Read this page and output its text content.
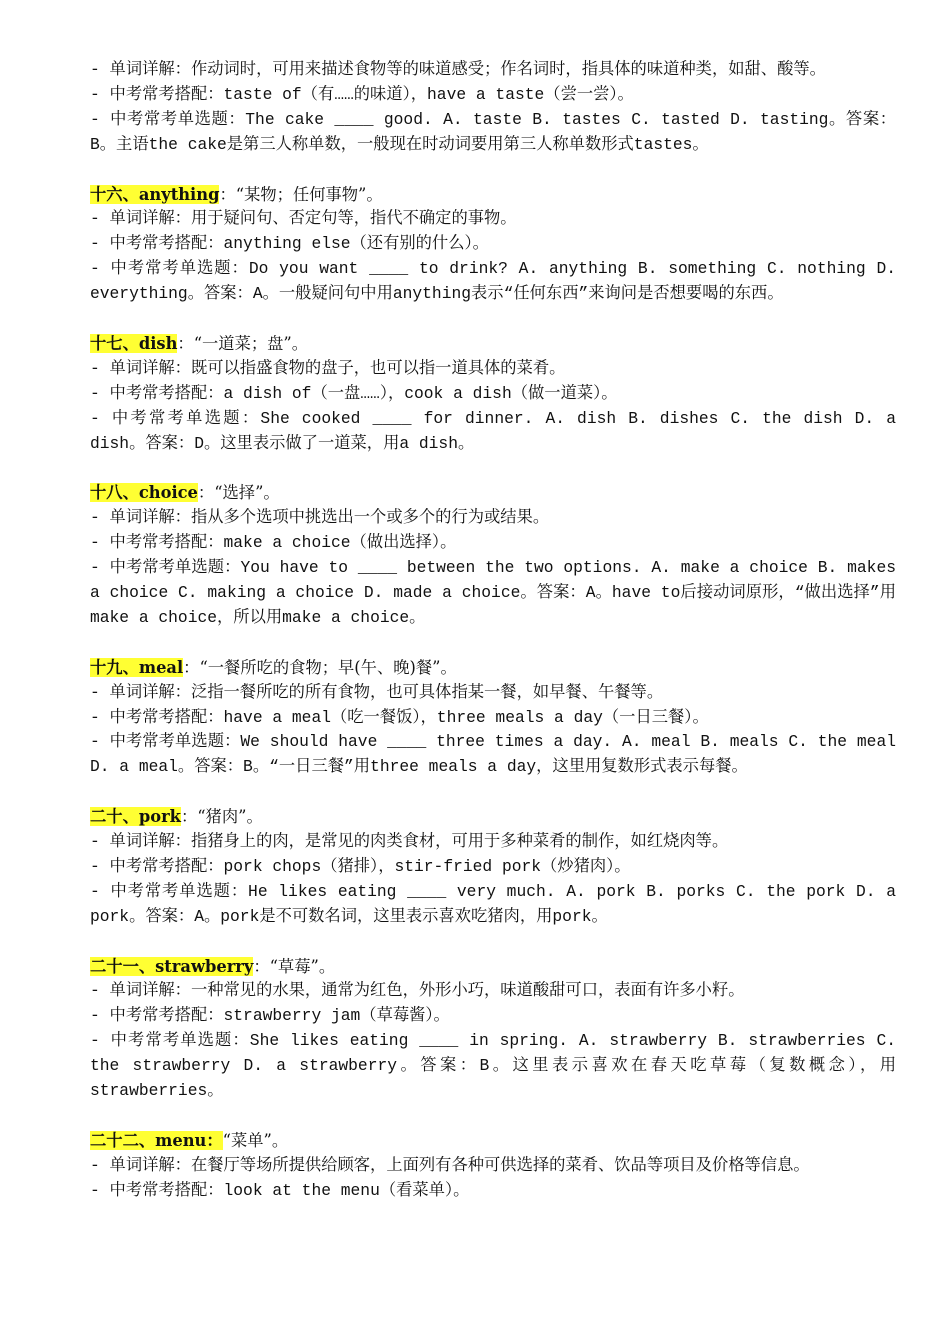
- 单词详解：作动词时，可用来描述食物等的味道感受；作名词时，指具体的味道种类，如甜、酸等。

- 中考常考搭配：taste of（有……的味道），have a taste（尝一尝）。

- 中考常考单选题：The cake ____ good. A. taste B. tastes C. tasted D. tasting。答案：B。主语the cake是第三人称单数，一般现在时动词要用第三人称单数形式tastes。

十六、anything：“某物；任何事物”。

- 单词详解：用于疑问句、否定句等，指代不确定的事物。

- 中考常考搭配：anything else（还有别的什么）。

- 中考常考单选题：Do you want ____ to drink? A. anything B. something C. nothing D. everything。答案：A。一般疑问句中用anything表示“任何东西”来询问是否想要喝的东西。

十七、dish：“一道菜；盘”。

- 单词详解：既可以指盛食物的盘子，也可以指一道具体的菜肴。

- 中考常考搭配：a dish of（一盘……），cook a dish（做一道菜）。

- 中考常考单选题：She cooked ____ for dinner. A. dish B. dishes C. the dish D. a dish。答案：D。这里表示做了一道菜，用a dish。

十八、choice：“选择”。

- 单词详解：指从多个选项中挑选出一个或多个的行为或结果。

- 中考常考搭配：make a choice（做出选择）。

- 中考常考单选题：You have to ____ between the two options. A. make a choice B. makes a choice C. making a choice D. made a choice。答案：A。have to后接动词原形，“做出选择”用make a choice，所以用make a choice。

十九、meal：“一餐所吃的食物；早(午、晚)餐”。

- 单词详解：泛指一餐所吃的所有食物，也可具体指某一餐，如早餐、午餐等。

- 中考常考搭配：have a meal（吃一餐饭），three meals a day（一日三餐）。

- 中考常考单选题：We should have ____ three times a day. A. meal B. meals C. the meal D. a meal。答案：B。“一日三餐”用three meals a day，这里用复数形式表示每餐。

二十、pork：“猪肉”。

- 单词详解：指猪身上的肉，是常见的肉类食材，可用于多种菜肴的制作，如红烧肉等。

- 中考常考搭配：pork chops（猪排），stir-fried pork（炒猪肉）。

- 中考常考单选题：He likes eating ____ very much. A. pork B. porks C. the pork D. a pork。答案：A。pork是不可数名词，这里表示喜欢吃猪肉，用pork。

二十一、strawberry：“草莓”。

- 单词详解：一种常见的水果，通常为红色，外形小巧，味道酸甜可口，表面有许多小籽。

- 中考常考搭配：strawberry jam（草莓酱）。

- 中考常考单选题：She likes eating ____ in spring. A. strawberry B. strawberries C. the strawberry D. a strawberry。答案：B。这里表示喜欢在春天吃草莓（复数概念），用strawberries。

二十二、menu：“菜单”。

- 单词详解：在餐厅等场所提供给顾客，上面列有各种可供选择的菜肴、饮品等项目及价格等信息。

- 中考常考搭配：look at the menu（看菜单）。
